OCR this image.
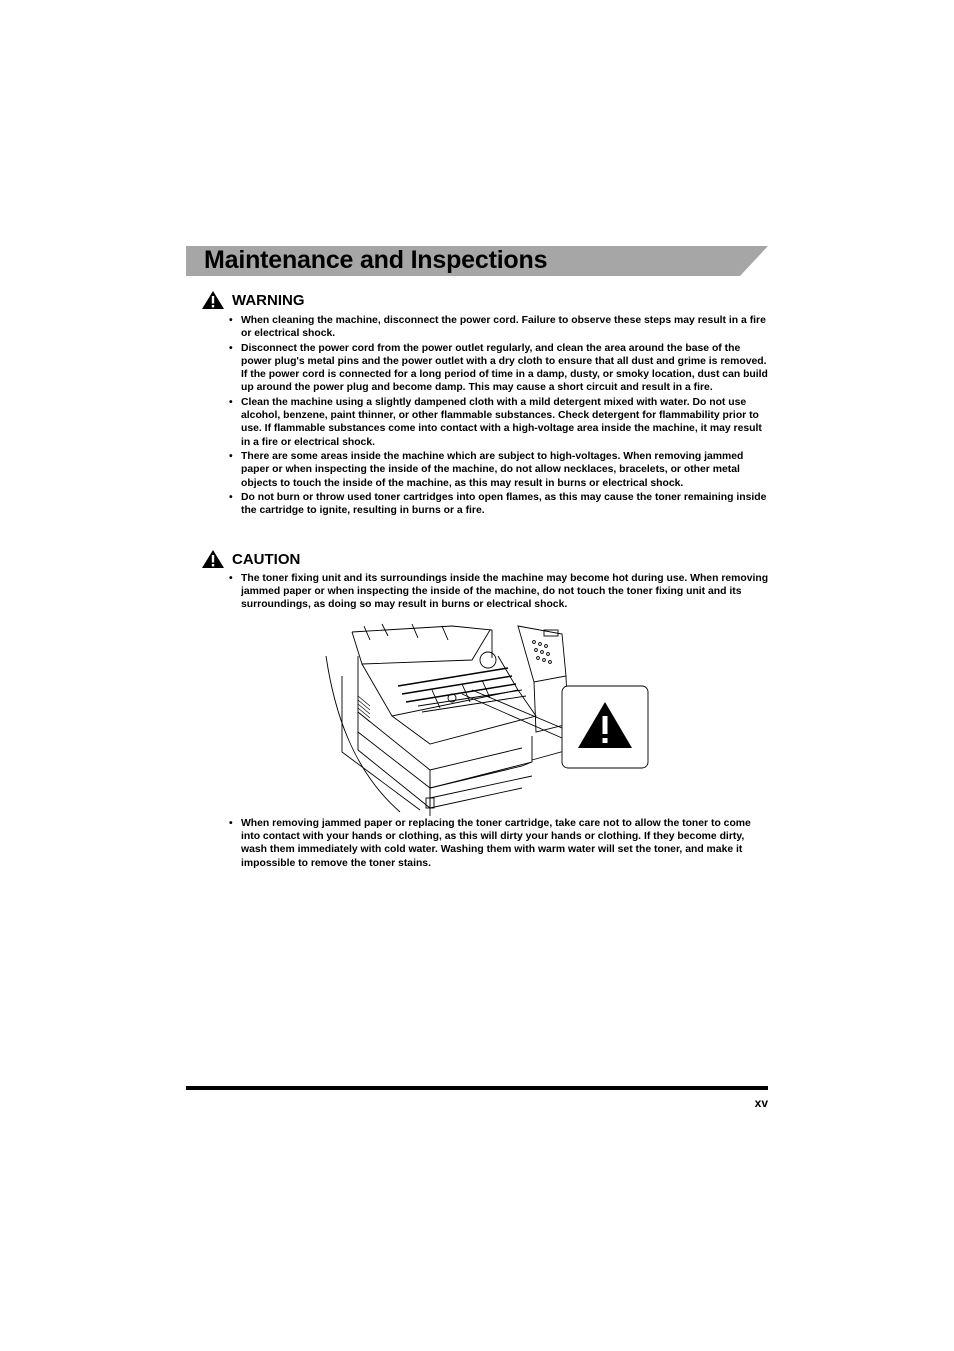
Maintenance and Inspections
WARNING
• When cleaning the machine, disconnect the power cord. Failure to observe these steps may result in a fire or electrical shock.
• Disconnect the power cord from the power outlet regularly, and clean the area around the base of the power plug's metal pins and the power outlet with a dry cloth to ensure that all dust and grime is removed. If the power cord is connected for a long period of time in a damp, dusty, or smoky location, dust can build up around the power plug and become damp. This may cause a short circuit and result in a fire.
• Clean the machine using a slightly dampened cloth with a mild detergent mixed with water. Do not use alcohol, benzene, paint thinner, or other flammable substances. Check detergent for flammability prior to use. If flammable substances come into contact with a high-voltage area inside the machine, it may result in a fire or electrical shock.
• There are some areas inside the machine which are subject to high-voltages. When removing jammed paper or when inspecting the inside of the machine, do not allow necklaces, bracelets, or other metal objects to touch the inside of the machine, as this may result in burns or electrical shock.
• Do not burn or throw used toner cartridges into open flames, as this may cause the toner remaining inside the cartridge to ignite, resulting in burns or a fire.
CAUTION
• The toner fixing unit and its surroundings inside the machine may become hot during use. When removing jammed paper or when inspecting the inside of the machine, do not touch the toner fixing unit and its surroundings, as doing so may result in burns or electrical shock.
• When removing jammed paper or replacing the toner cartridge, take care not to allow the toner to come into contact with your hands or clothing, as this will dirty your hands or clothing. If they become dirty, wash them immediately with cold water. Washing them with warm water will set the toner, and make it impossible to remove the toner stains.
xv
